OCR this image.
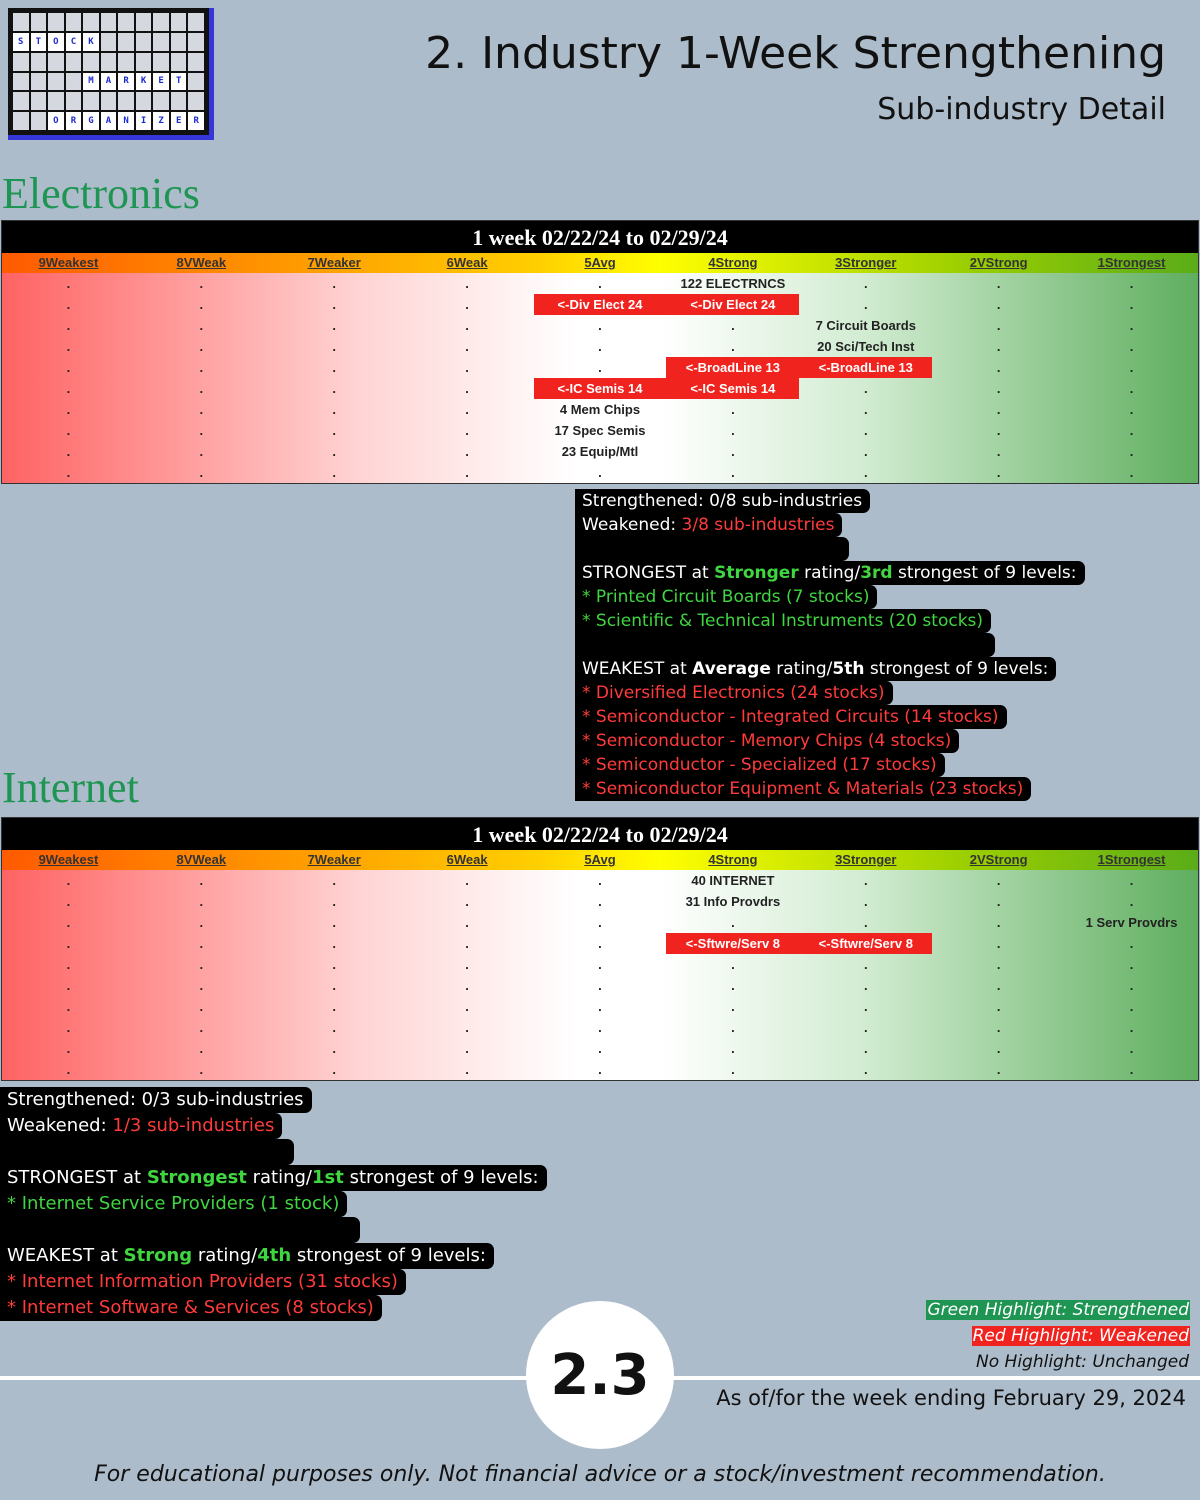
S	T	O	C	K
M	A	R	K	E	T
O	R	G	A	N	I	Z	E	R
2. Industry 1-Week Strengthening
Sub-industry Detail
Electronics
1 week 02/22/24 to 02/29/24
9Weakest	8VWeak	7Weaker	6Weak	5Avg	4Strong	3Stronger	2VStrong	1Strongest
.	.	.	.	.	122 ELECTRNCS	.	.	.
.	.	.	.	<-Div Elect 24	<-Div Elect 24	.	.	.
.	.	.	.	.	.	7 Circuit Boards	.	.
.	.	.	.	.	.	20 Sci/Tech Inst	.	.
.	.	.	.	.	<-BroadLine 13	<-BroadLine 13	.	.
.	.	.	.	<-IC Semis 14	<-IC Semis 14	.	.	.
.	.	.	.	4 Mem Chips	.	.	.	.
.	.	.	.	17 Spec Semis	.	.	.	.
.	.	.	.	23 Equip/Mtl	.	.	.	.
.	.	.	.	.	.	.	.	.
Strengthened: 0/8 sub-industries
Weakened: 3/8 sub-industries
STRONGEST at Stronger rating/3rd strongest of 9 levels:
* Printed Circuit Boards (7 stocks)
* Scientific & Technical Instruments (20 stocks)
WEAKEST at Average rating/5th strongest of 9 levels:
* Diversified Electronics (24 stocks)
* Semiconductor - Integrated Circuits (14 stocks)
* Semiconductor - Memory Chips (4 stocks)
* Semiconductor - Specialized (17 stocks)
* Semiconductor Equipment & Materials (23 stocks)
Internet
1 week 02/22/24 to 02/29/24
9Weakest	8VWeak	7Weaker	6Weak	5Avg	4Strong	3Stronger	2VStrong	1Strongest
.	.	.	.	.	40 INTERNET	.	.	.
.	.	.	.	.	31 Info Provdrs	.	.	.
.	.	.	.	.	.	.	.	1 Serv Provdrs
.	.	.	.	.	<-Sftwre/Serv 8	<-Sftwre/Serv 8	.	.
.	.	.	.	.	.	.	.	.
.	.	.	.	.	.	.	.	.
.	.	.	.	.	.	.	.	.
.	.	.	.	.	.	.	.	.
.	.	.	.	.	.	.	.	.
.	.	.	.	.	.	.	.	.
Strengthened: 0/3 sub-industries
Weakened: 1/3 sub-industries
STRONGEST at Strongest rating/1st strongest of 9 levels:
* Internet Service Providers (1 stock)
WEAKEST at Strong rating/4th strongest of 9 levels:
* Internet Information Providers (31 stocks)
* Internet Software & Services (8 stocks)	Green Highlight: Strengthened
Red Highlight: Weakened
No Highlight: Unchanged
2.3	As of/for the week ending February 29, 2024
For educational purposes only. Not financial advice or a stock/investment recommendation.
